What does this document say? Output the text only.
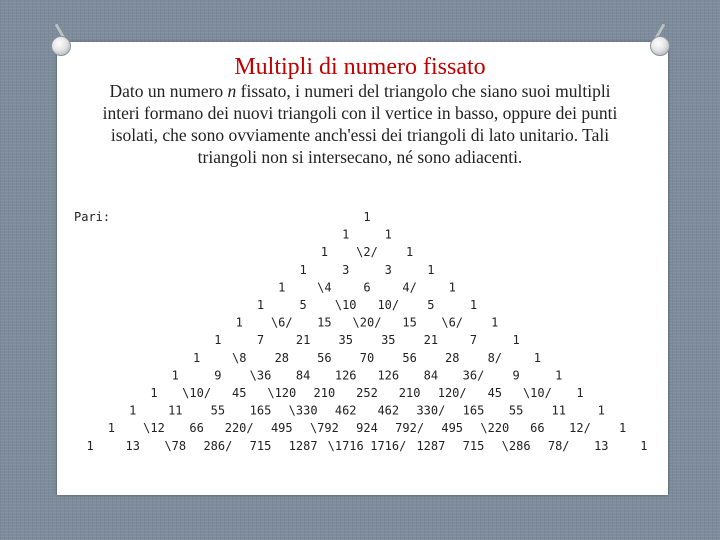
Multipli di numero fissato
Dato un numero n fissato, i numeri del triangolo che siano suoi multipli interi formano dei nuovi triangoli con il vertice in basso, oppure dei punti isolati, che sono ovviamente anch'essi dei triangoli di lato unitario. Tali triangoli non si intersecano, né sono adiacenti.
Pari:	1
1	1
1 \2/ 1
1	3	3	1
1	\4	6	4/	1
1	5 \10 10/ 5	1
1 \6/ 15 \20/ 15 \6/ 1
1	7	21 35 35 21	7	1
1	\8 28 56 70 56 28 8/	1
1	9 \36 84 126 126 84 36/ 9	1
1 \10/ 45 \120 210 252 210 120/ 45 \10/ 1
1	11 55 165 \330 462 462 330/ 165 55 11	1
1 \12 66 220/ 495 \792 924 792/ 495 \220 66 12/ 1
1	13 \78 286/ 715 1287 \1716 1716/ 1287 715 \286 78/ 13	1
